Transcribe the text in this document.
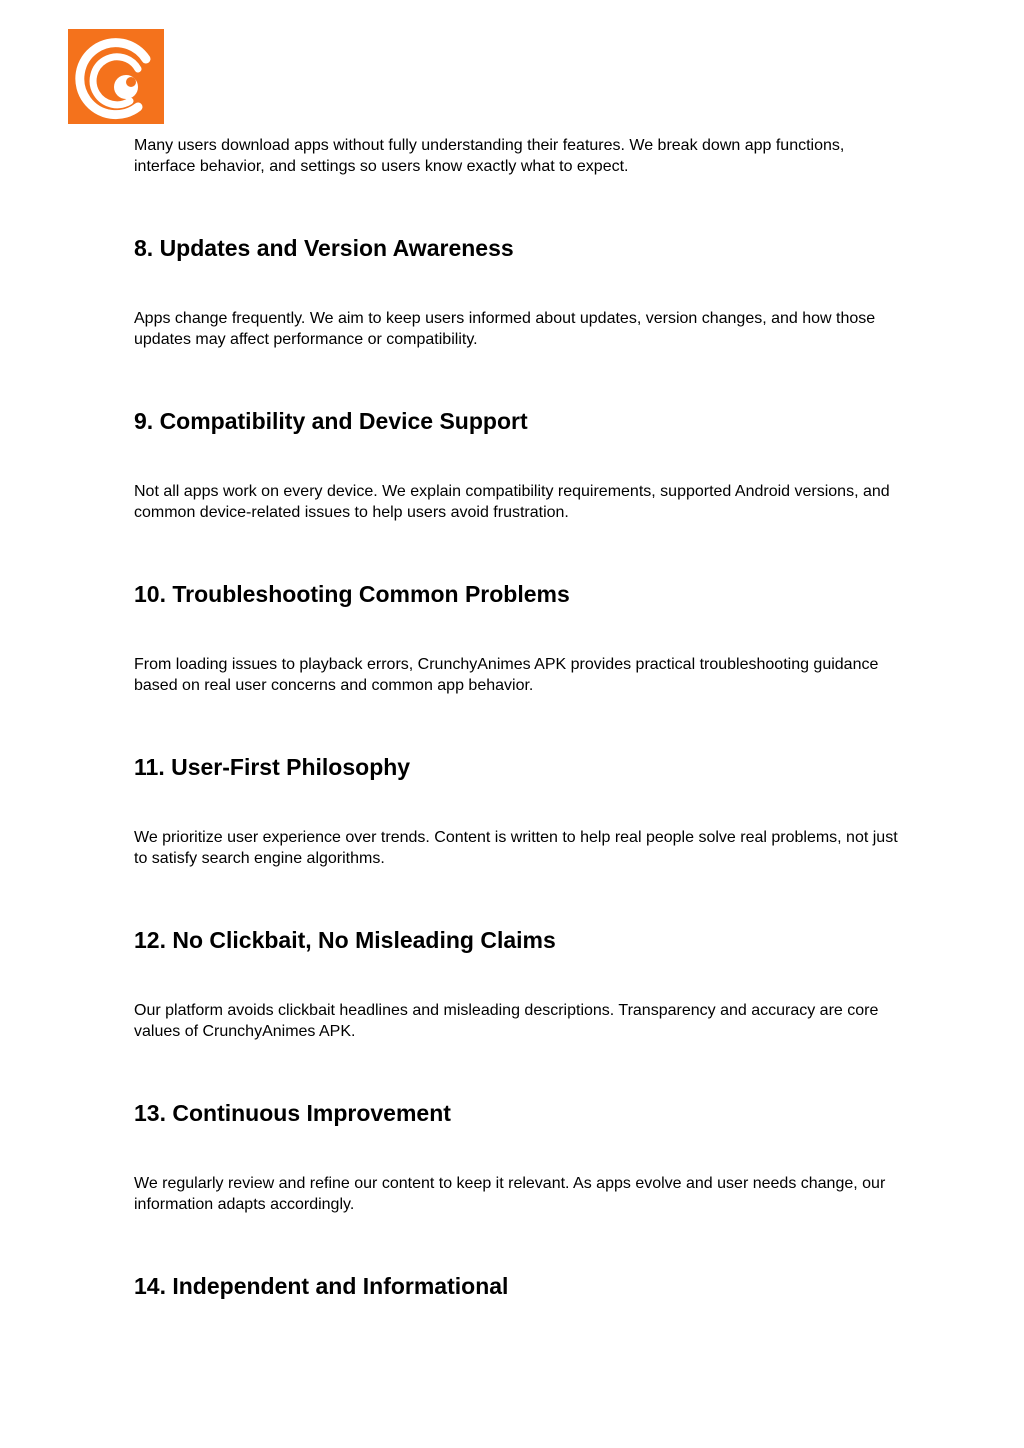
Many users download apps without fully understanding their features. We break down app functions, interface behavior, and settings so users know exactly what to expect.

8. Updates and Version Awareness

Apps change frequently. We aim to keep users informed about updates, version changes, and how those updates may affect performance or compatibility.

9. Compatibility and Device Support

Not all apps work on every device. We explain compatibility requirements, supported Android versions, and common device-related issues to help users avoid frustration.

10. Troubleshooting Common Problems

From loading issues to playback errors, CrunchyAnimes APK provides practical troubleshooting guidance based on real user concerns and common app behavior.

11. User-First Philosophy

We prioritize user experience over trends. Content is written to help real people solve real problems, not just to satisfy search engine algorithms.

12. No Clickbait, No Misleading Claims

Our platform avoids clickbait headlines and misleading descriptions. Transparency and accuracy are core values of CrunchyAnimes APK.

13. Continuous Improvement

We regularly review and refine our content to keep it relevant. As apps evolve and user needs change, our information adapts accordingly.

14. Independent and Informational
